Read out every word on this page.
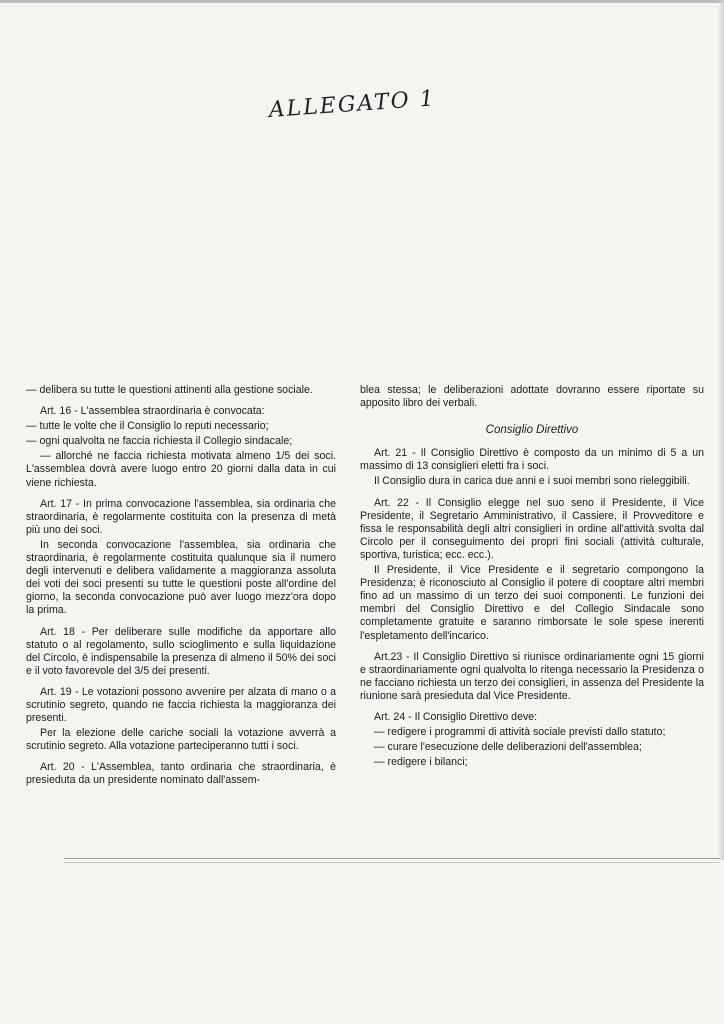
ALLEGATO 1

— delibera su tutte le questioni attinenti alla gestione sociale.

Art. 16 - L'assemblea straordinaria è convocata:

— tutte le volte che il Consiglio lo reputi necessario;

— ogni qualvolta ne faccia richiesta il Collegio sindacale;

— allorché ne faccia richiesta motivata almeno 1/5 dei soci. L'assemblea dovrà avere luogo entro 20 giorni dalla data in cui viene richiesta.

Art. 17 - In prima convocazione l'assemblea, sia ordinaria che straordinaria, è regolarmente costituita con la presenza di metà più uno dei soci.

In seconda convocazione l'assemblea, sia ordinaria che straordinaria, è regolarmente costituita qualunque sia il numero degli intervenuti e delibera validamente a maggioranza assoluta dei voti dei soci presenti su tutte le questioni poste all'ordine del giorno, la seconda convocazione può aver luogo mezz'ora dopo la prima.

Art. 18 - Per deliberare sulle modifiche da apportare allo statuto o al regolamento, sullo scioglimento e sulla liquidazione del Circolo, è indispensabile la presenza di almeno il 50% dei soci e il voto favorevole del 3/5 dei presenti.

Art. 19 - Le votazioni possono avvenire per alzata di mano o a scrutinio segreto, quando ne faccia richiesta la maggioranza dei presenti.

Per la elezione delle cariche sociali la votazione avverrà a scrutinio segreto. Alla votazione parteciperanno tutti i soci.

Art. 20 - L'Assemblea, tanto ordinaria che straordinaria, è presieduta da un presidente nominato dall'assem-

blea stessa; le deliberazioni adottate dovranno essere riportate su apposito libro dei verbali.

Consiglio Direttivo

Art. 21 - Il Consiglio Direttivo è composto da un minimo di 5 a un massimo di 13 consiglieri eletti fra i soci.

Il Consiglio dura in carica due anni e i suoi membri sono rieleggibili.

Art. 22 - Il Consiglio elegge nel suo seno il Presidente, il Vice Presidente, il Segretario Amministrativo, il Cassiere, il Provveditore e fissa le responsabilità degli altri consiglieri in ordine all'attività svolta dal Circolo per il conseguimento dei propri fini sociali (attività culturale, sportiva, turistica; ecc. ecc.).

Il Presidente, il Vice Presidente e il segretario compongono la Presidenza; è riconosciuto al Consiglio il potere di cooptare altri membri fino ad un massimo di un terzo dei suoi componenti. Le funzioni dei membri del Consiglio Direttivo e del Collegio Sindacale sono completamente gratuite e saranno rimborsate le sole spese inerenti l'espletamento dell'incarico.

Art.23 - Il Consiglio Direttivo si riunisce ordinariamente ogni 15 giorni e straordinariamente ogni qualvolta lo ritenga necessario la Presidenza o ne facciano richiesta un terzo dei consiglieri, in assenza del Presidente la riunione sarà presieduta dal Vice Presidente.

Art. 24 - Il Consiglio Direttivo deve:

— redigere i programmi di attività sociale previsti dallo statuto;

— curare l'esecuzione delle deliberazioni dell'assemblea;

— redigere i bilanci;
